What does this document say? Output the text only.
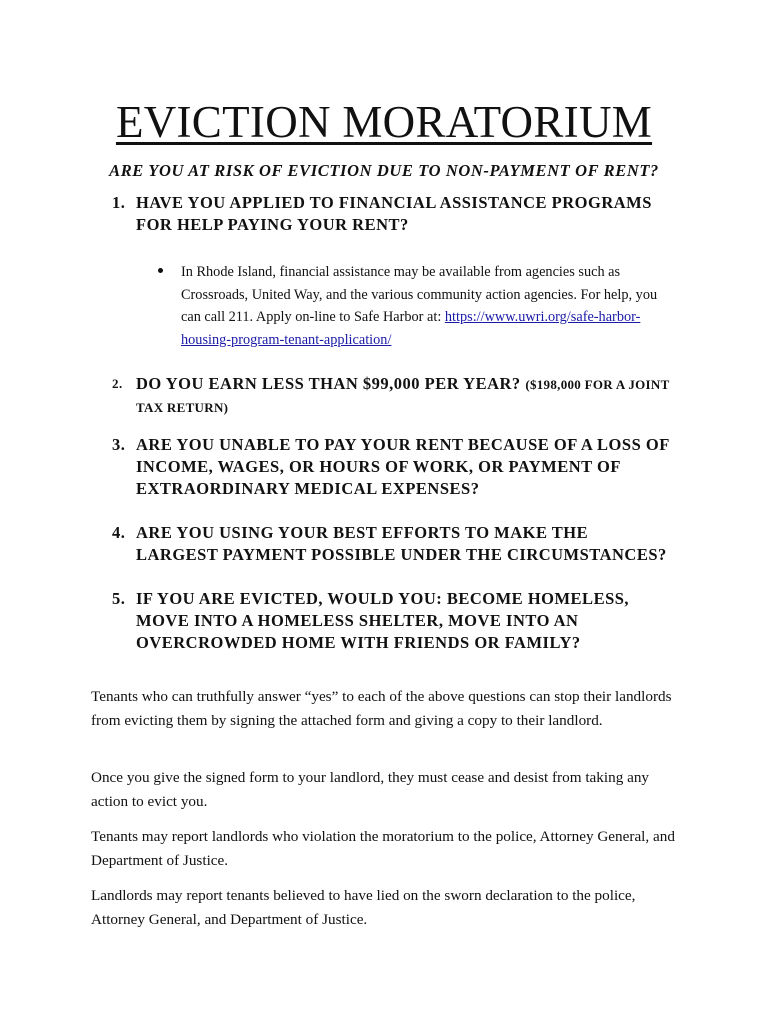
EVICTION MORATORIUM

ARE YOU AT RISK OF EVICTION DUE TO NON-PAYMENT OF RENT?

1. HAVE YOU APPLIED TO FINANCIAL ASSISTANCE PROGRAMS FOR HELP PAYING YOUR RENT?
In Rhode Island, financial assistance may be available from agencies such as Crossroads, United Way, and the various community action agencies. For help, you can call 211. Apply on-line to Safe Harbor at: https://www.uwri.org/safe-harbor-housing-program-tenant-application/
2. DO YOU EARN LESS THAN $99,000 PER YEAR? ($198,000 FOR A JOINT TAX RETURN)
3. ARE YOU UNABLE TO PAY YOUR RENT BECAUSE OF A LOSS OF INCOME, WAGES, OR HOURS OF WORK, OR PAYMENT OF EXTRAORDINARY MEDICAL EXPENSES?
4. ARE YOU USING YOUR BEST EFFORTS TO MAKE THE LARGEST PAYMENT POSSIBLE UNDER THE CIRCUMSTANCES?
5. IF YOU ARE EVICTED, WOULD YOU: BECOME HOMELESS, MOVE INTO A HOMELESS SHELTER, MOVE INTO AN OVERCROWDED HOME WITH FRIENDS OR FAMILY?

Tenants who can truthfully answer “yes” to each of the above questions can stop their landlords from evicting them by signing the attached form and giving a copy to their landlord.

Once you give the signed form to your landlord, they must cease and desist from taking any action to evict you.

Tenants may report landlords who violation the moratorium to the police, Attorney General, and Department of Justice.

Landlords may report tenants believed to have lied on the sworn declaration to the police, Attorney General, and Department of Justice.
